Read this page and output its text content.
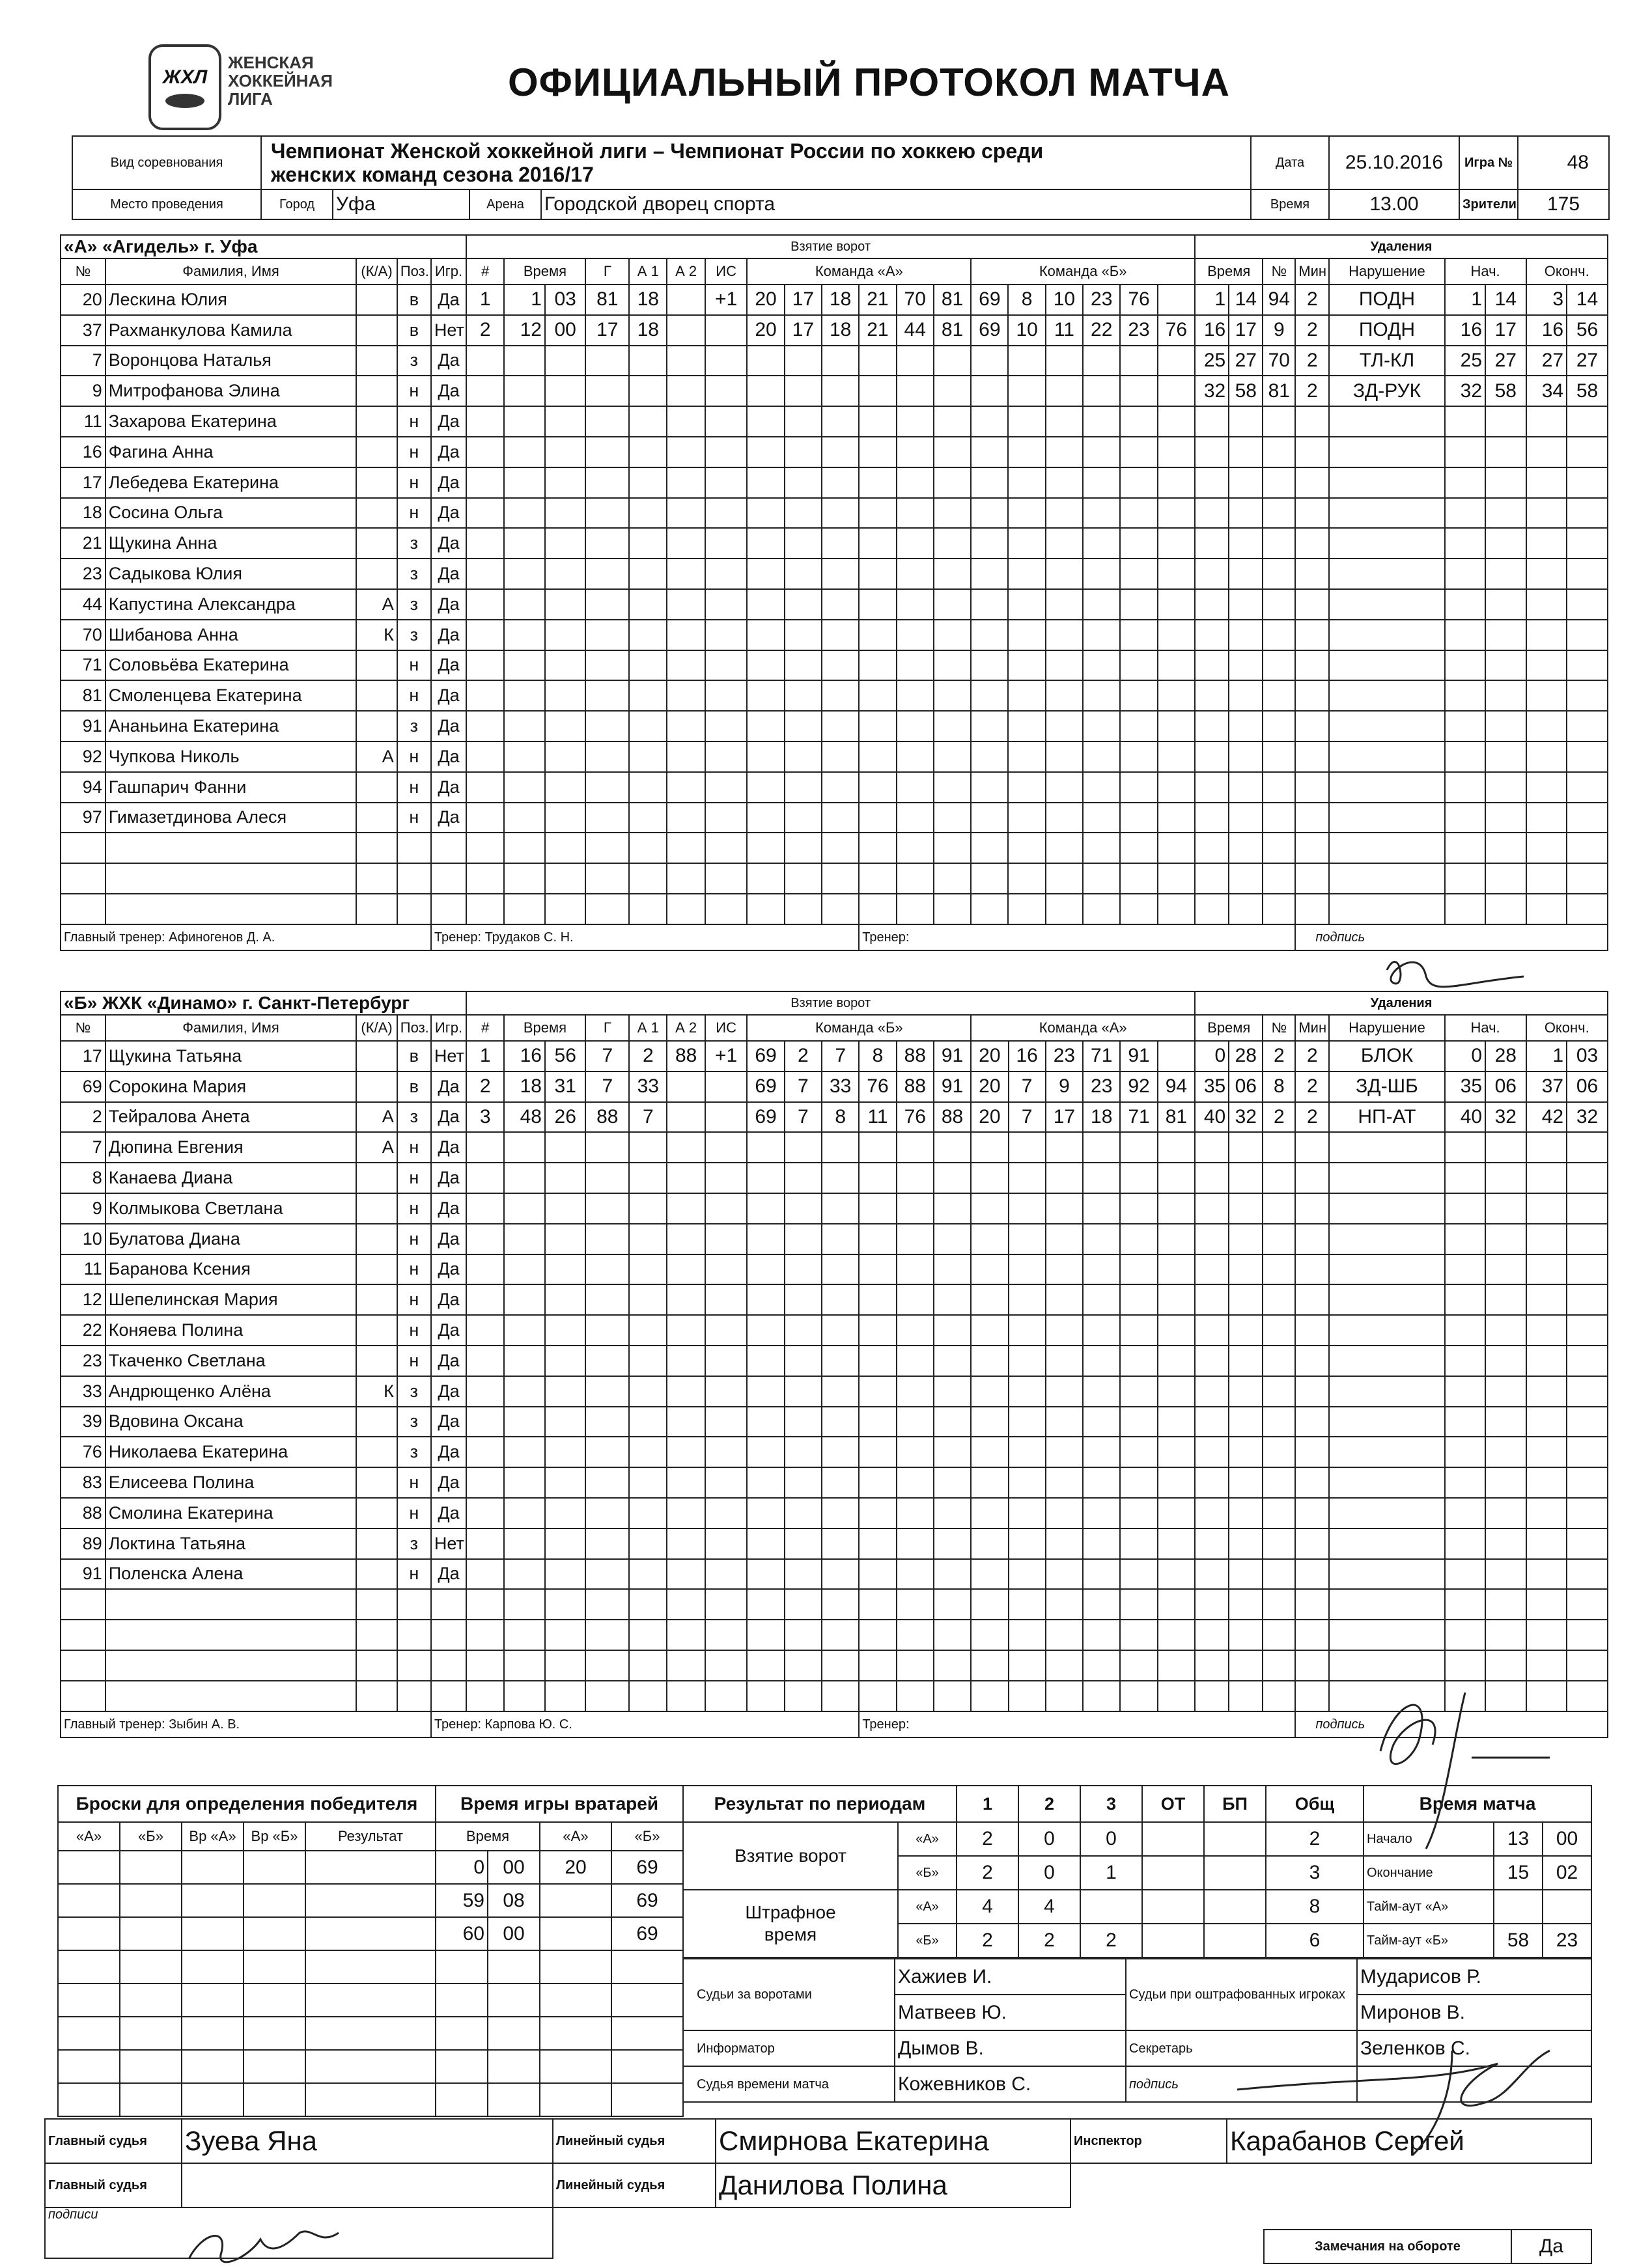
ЖХЛ
ЖЕНСКАЯ
ХОККЕЙНАЯ
ЛИГА	ОФИЦИАЛЬНЫЙ ПРОТОКОЛ МАТЧА
Вид соревнования	Чемпионат Женской хоккейной лиги – Чемпионат России по хоккею среди
женских команд сезона 2016/17				Дата	25.10.2016	Игра №	48
Место проведения	Город	Уфа	Арена	Городской дворец спорта	Время	13.00	Зрители	175
«А» «Агидель» г. Уфа					Взятие ворот																			Удаления								
№	Фамилия, Имя	(К/А)	Поз.	Игр.	#	Время		Г	А 1	А 2	ИС	Команда «А»						Команда «Б»						Время		№	Мин	Нарушение	Нач.		Оконч.	
20	Лескина Юлия		в	Да	1	1	03	81	18		+1	20	17	18	21	70	81	69	8	10	23	76		1	14	94	2	ПОДН	1	14	3	14
37	Рахманкулова Камила		в	Нет	2	12	00	17	18			20	17	18	21	44	81	69	10	11	22	23	76	16	17	9	2	ПОДН	16	17	16	56
7	Воронцова Наталья		з	Да																				25	27	70	2	ТЛ-КЛ	25	27	27	27
9	Митрофанова Элина		н	Да																				32	58	81	2	ЗД-РУК	32	58	34	58
11	Захарова Екатерина		н	Да																												
16	Фагина Анна		н	Да																												
17	Лебедева Екатерина		н	Да																												
18	Сосина Ольга		н	Да																												
21	Щукина Анна		з	Да																												
23	Садыкова Юлия		з	Да																												
44	Капустина Александра	А	з	Да																												
70	Шибанова Анна	К	з	Да																												
71	Соловьёва Екатерина		н	Да																												
81	Смоленцева Екатерина		н	Да																												
91	Ананьина Екатерина		з	Да																												
92	Чупкова Николь	А	н	Да																												
94	Гашпарич Фанни		н	Да																												
97	Гимазетдинова Алеся		н	Да																												

Главный тренер: Афиногенов Д. А.				Тренер: Трудаков С. Н.											Тренер:												подпись					
«Б» ЖХК «Динамо» г. Санкт-Петербург					Взятие ворот																			Удаления								
№	Фамилия, Имя	(К/А)	Поз.	Игр.	#	Время		Г	А 1	А 2	ИС	Команда «Б»						Команда «А»						Время		№	Мин	Нарушение	Нач.		Оконч.	
17	Щукина Татьяна		в	Нет	1	16	56	7	2	88	+1	69	2	7	8	88	91	20	16	23	71	91		0	28	2	2	БЛОК	0	28	1	03
69	Сорокина Мария		в	Да	2	18	31	7	33			69	7	33	76	88	91	20	7	9	23	92	94	35	06	8	2	ЗД-ШБ	35	06	37	06
2	Тейралова Анета	А	з	Да	3	48	26	88	7			69	7	8	11	76	88	20	7	17	18	71	81	40	32	2	2	НП-АТ	40	32	42	32
7	Дюпина Евгения	А	н	Да																												
8	Канаева Диана		н	Да																												
9	Колмыкова Светлана		н	Да																												
10	Булатова Диана		н	Да																												
11	Баранова Ксения		н	Да																												
12	Шепелинская Мария		н	Да																												
22	Коняева Полина		н	Да																												
23	Ткаченко Светлана		н	Да																												
33	Андрющенко Алёна	К	з	Да																												
39	Вдовина Оксана		з	Да																												
76	Николаева Екатерина		з	Да																												
83	Елисеева Полина		н	Да																												
88	Смолина Екатерина		н	Да																												
89	Локтина Татьяна		з	Нет																												
91	Поленска Алена		н	Да																												

Главный тренер: Зыбин А. В.				Тренер: Карпова Ю. С.											Тренер:												подпись					
Броски для определения победителя				
«А»	«Б»	Вр «А»	Вр «Б»	Результат

Время игры вратарей			
Время		«А»	«Б»
0	00	20	69
59	08		69
60	00		69

Результат по периодам		1	2	3	ОТ	БП	Общ
Взятие ворот	«А»	2	0	0			2
	«Б»	2	0	1			3
Штрафное время	«А»	4	4				8
	«Б»	2	2	2			6
Время матча		
Начало	13	00
Окончание	15	02
Тайм-аут «А»		
Тайм-аут «Б»	58	23
Судьи за воротами	Хажиев И.	Судьи при оштрафованных игроках	Мударисов Р.
	Матвеев Ю.		Миронов В.
Информатор	Дымов В.	Секретарь	Зеленков С.
Судья времени матча	Кожевников С.	подпись	
Главный судья	Зуева Яна	Линейный судья	Смирнова Екатерина	Инспектор	Карабанов Сергей
Главный судья		Линейный судья	Данилова Полина		
подписи					
Замечания на обороте	Да
